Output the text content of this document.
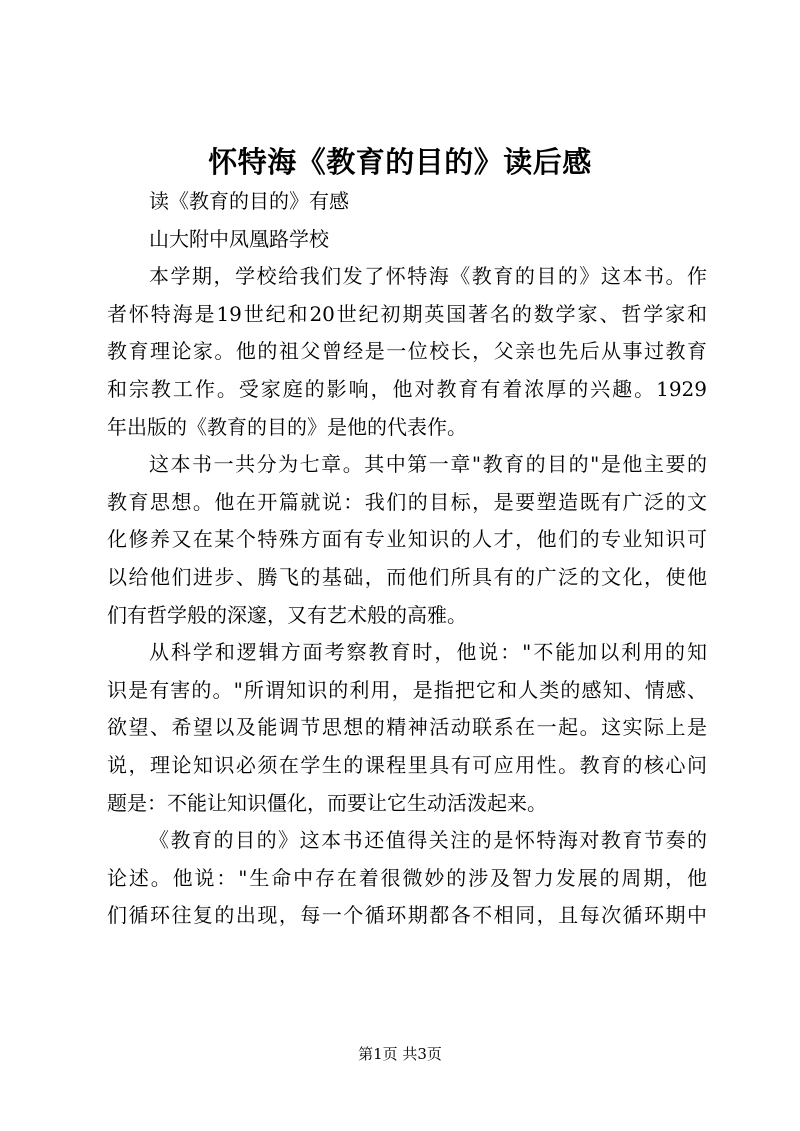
怀特海《教育的目的》读后感
读《教育的目的》有感
山大附中凤凰路学校
本学期，学校给我们发了怀特海《教育的目的》这本书。作
者怀特海是19世纪和20世纪初期英国著名的数学家、哲学家和
教育理论家。他的祖父曾经是一位校长，父亲也先后从事过教育
和宗教工作。受家庭的影响，他对教育有着浓厚的兴趣。1929
年出版的《教育的目的》是他的代表作。
这本书一共分为七章。其中第一章"教育的目的"是他主要的
教育思想。他在开篇就说：我们的目标，是要塑造既有广泛的文
化修养又在某个特殊方面有专业知识的人才，他们的专业知识可
以给他们进步、腾飞的基础，而他们所具有的广泛的文化，使他
们有哲学般的深邃，又有艺术般的高雅。
从科学和逻辑方面考察教育时，他说："不能加以利用的知
识是有害的。"所谓知识的利用，是指把它和人类的感知、情感、
欲望、希望以及能调节思想的精神活动联系在一起。这实际上是
说，理论知识必须在学生的课程里具有可应用性。教育的核心问
题是：不能让知识僵化，而要让它生动活泼起来。
《教育的目的》这本书还值得关注的是怀特海对教育节奏的
论述。他说："生命中存在着很微妙的涉及智力发展的周期，他
们循环往复的出现，每一个循环期都各不相同，且每次循环期中
第1页 共3页
